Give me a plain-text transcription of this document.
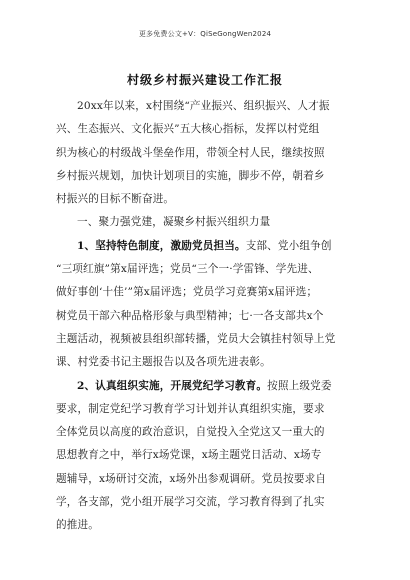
更多免费公文+V：QiSeGongWen2024
村级乡村振兴建设工作汇报
20xx年以来，x村围绕“产业振兴、组织振兴、人才振
兴、生态振兴、文化振兴”五大核心指标，发挥以村党组
织为核心的村级战斗堡垒作用，带领全村人民，继续按照
乡村振兴规划，加快计划项目的实施，脚步不停，朝着乡
村振兴的目标不断奋进。
一、聚力强党建，凝聚乡村振兴组织力量
1、坚持特色制度，激励党员担当。支部、党小组争创
“三项红旗”第x届评选；党员“三个一·学雷锋、学先进、
做好事创‘十佳’”第x届评选；党员学习竞赛第x届评选；
树党员干部六种品格形象与典型精神；七·一各支部共x个
主题活动，视频被县组织部转播，党员大会镇挂村领导上党
课、村党委书记主题报告以及各项先进表彰。
2、认真组织实施，开展党纪学习教育。按照上级党委
要求，制定党纪学习教育学习计划并认真组织实施，要求
全体党员以高度的政治意识，自觉投入全党这又一重大的
思想教育之中，举行x场党课，x场主题党日活动、x场专
题辅导，x场研讨交流，x场外出参观调研。党员按要求自
学，各支部，党小组开展学习交流，学习教育得到了扎实
的推进。
